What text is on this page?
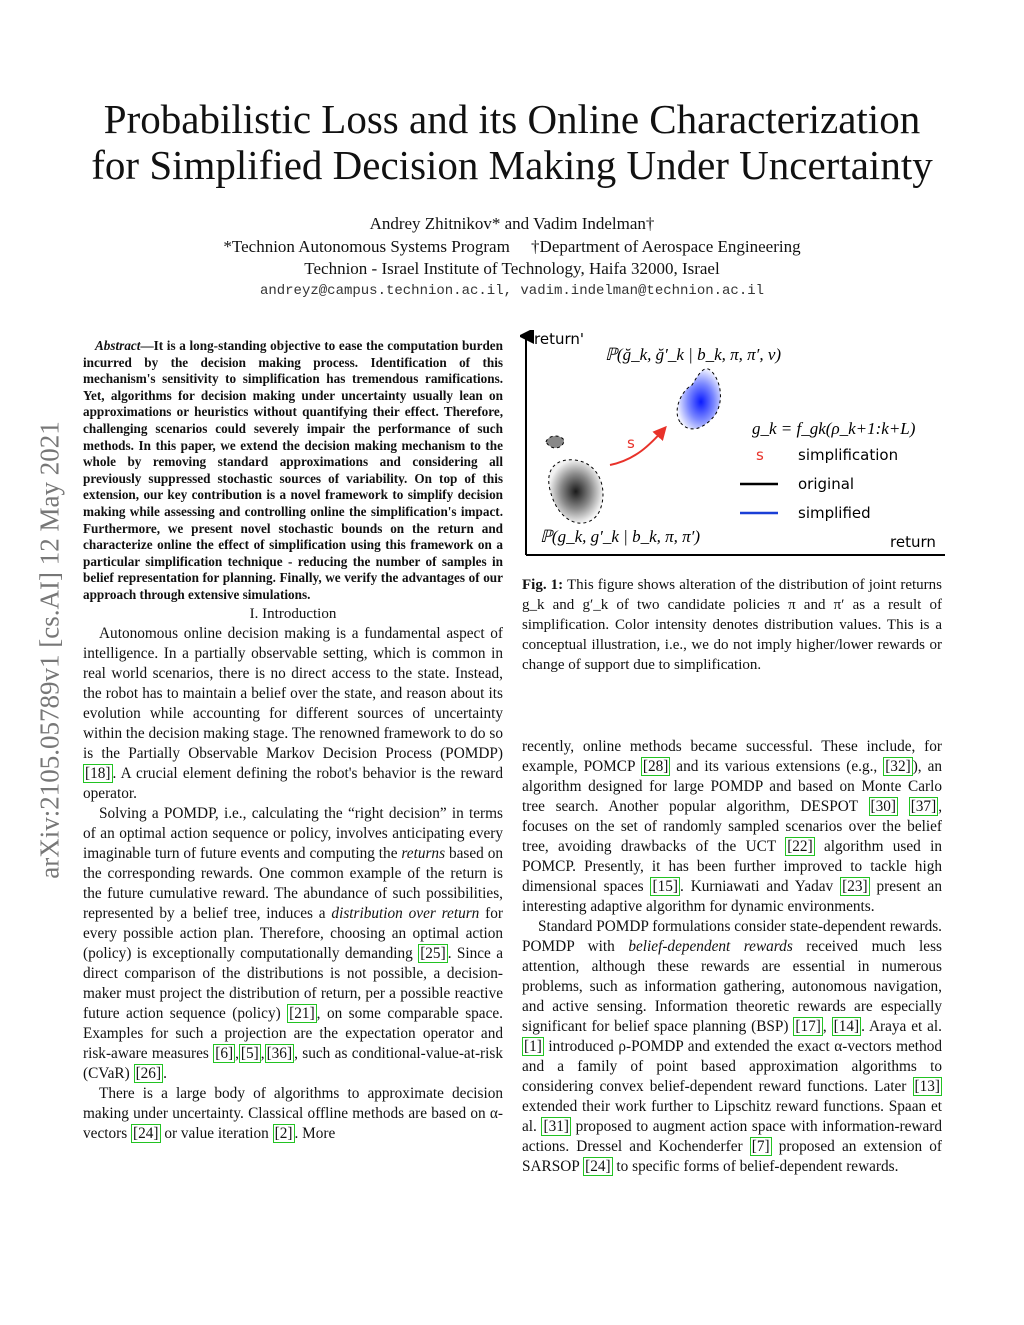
Probabilistic Loss and its Online Characterization
for Simplified Decision Making Under Uncertainty
Andrey Zhitnikov* and Vadim Indelman†
*Technion Autonomous Systems Program     †Department of Aerospace Engineering
Technion - Israel Institute of Technology, Haifa 32000, Israel
andreyz@campus.technion.ac.il, vadim.indelman@technion.ac.il
arXiv:2105.05789v1 [cs.AI] 12 May 2021

Abstract—It is a long-standing objective to ease the computation burden incurred by the decision making process. Identification of this mechanism's sensitivity to simplification has tremendous ramifications. Yet, algorithms for decision making under uncertainty usually lean on approximations or heuristics without quantifying their effect. Therefore, challenging scenarios could severely impair the performance of such methods. In this paper, we extend the decision making mechanism to the whole by removing standard approximations and considering all previously suppressed stochastic sources of variability. On top of this extension, our key contribution is a novel framework to simplify decision making while assessing and controlling online the simplification's impact. Furthermore, we present novel stochastic bounds on the return and characterize online the effect of simplification using this framework on a particular simplification technique - reducing the number of samples in belief representation for planning. Finally, we verify the advantages of our approach through extensive simulations.

I. Introduction

Autonomous online decision making is a fundamental aspect of intelligence. In a partially observable setting, which is common in real world scenarios, there is no direct access to the state. Instead, the robot has to maintain a belief over the state, and reason about its evolution while accounting for different sources of uncertainty within the decision making stage. The renowned framework to do so is the Partially Observable Markov Decision Process (POMDP) [18] . A crucial element defining the robot's behavior is the reward operator.

Solving a POMDP, i.e., calculating the “right decision” in terms of an optimal action sequence or policy, involves anticipating every imaginable turn of future events and computing the returns based on the corresponding rewards. One common example of the return is the future cumulative reward. The abundance of such possibilities, represented by a belief tree, induces a distribution over return for every possible action plan. Therefore, choosing an optimal action (policy) is exceptionally computationally demanding [25] . Since a direct comparison of the distributions is not possible, a decision-maker must project the distribution of return, per a possible reactive future action sequence (policy) [21] , on some comparable space. Examples for such a projection are the expectation operator and risk-aware measures [6] , [5] , [36] , such as conditional-value-at-risk (CVaR) [26] .

There is a large body of algorithms to approximate decision making under uncertainty. Classical offline methods are based on α-vectors [24] or value iteration [2] . More

return'
return
s
ℙ(ğ_k, ğ′_k | b_k, π, π′, ν)
ℙ(g_k, g′_k | b_k, π, π′)
g_k = f_gk(ρ_k+1:k+L)
s simplification
original
simplified
Fig. 1: This figure shows alteration of the distribution of joint returns g_k and g′_k of two candidate policies π and π′ as a result of simplification. Color intensity denotes distribution values. This is a conceptual illustration, i.e., we do not imply higher/lower rewards or change of support due to simplification.

recently, online methods became successful. These include, for example, POMCP [28] and its various extensions (e.g., [32] ), an algorithm designed for large POMDP and based on Monte Carlo tree search. Another popular algorithm, DESPOT [30] [37] , focuses on the set of randomly sampled scenarios over the belief tree, avoiding drawbacks of the UCT [22] algorithm used in POMCP. Presently, it has been further improved to tackle high dimensional spaces [15] . Kurniawati and Yadav [23] present an interesting adaptive algorithm for dynamic environments.

Standard POMDP formulations consider state-dependent rewards. POMDP with belief-dependent rewards received much less attention, although these rewards are essential in numerous problems, such as information gathering, autonomous navigation, and active sensing. Information theoretic rewards are especially significant for belief space planning (BSP) [17] , [14] . Araya et al. [1] introduced ρ-POMDP and extended the exact α-vectors method and a family of point based approximation algorithms to considering convex belief-dependent reward functions. Later [13] extended their work further to Lipschitz reward functions. Spaan et al. [31] proposed to augment action space with information-reward actions. Dressel and Kochenderfer [7] proposed an extension of SARSOP [24] to specific forms of belief-dependent rewards.
